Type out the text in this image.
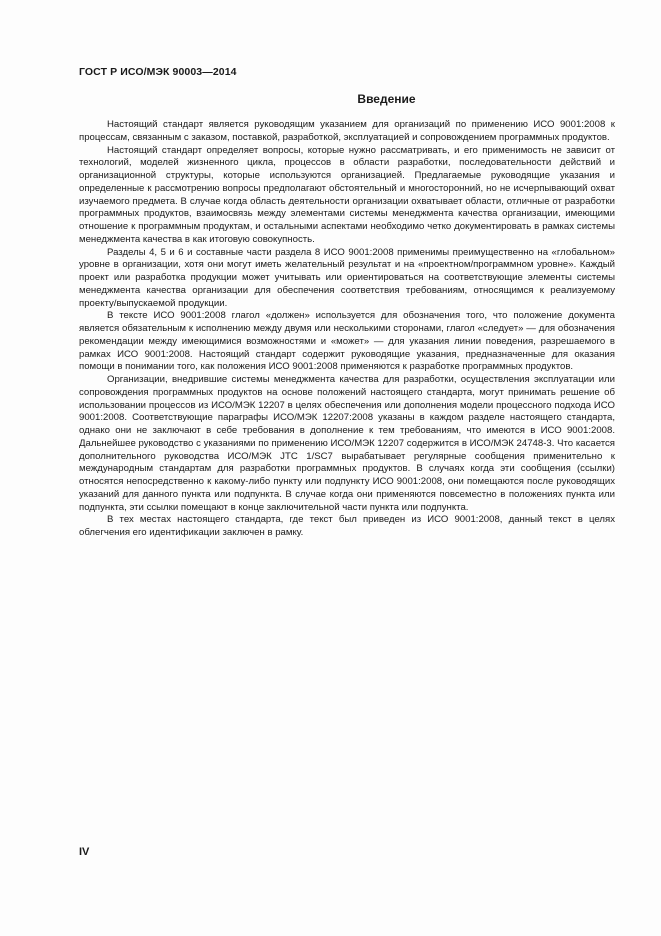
ГОСТ Р ИСО/МЭК 90003—2014
Введение

Настоящий стандарт является руководящим указанием для организаций по применению ИСО 9001:2008 к процессам, связанным с заказом, поставкой, разработкой, эксплуатацией и сопровождением программных продуктов.

Настоящий стандарт определяет вопросы, которые нужно рассматривать, и его применимость не зависит от технологий, моделей жизненного цикла, процессов в области разработки, последовательности действий и организационной структуры, которые используются организацией. Предлагаемые руководящие указания и определенные к рассмотрению вопросы предполагают обстоятельный и многосторонний, но не исчерпывающий охват изучаемого предмета. В случае когда область деятельности организации охватывает области, отличные от разработки программных продуктов, взаимосвязь между элементами системы менеджмента качества организации, имеющими отношение к программным продуктам, и остальными аспектами необходимо четко документировать в рамках системы менеджмента качества в как итоговую совокупность.

Разделы 4, 5 и 6 и составные части раздела 8 ИСО 9001:2008 применимы преимущественно на «глобальном» уровне в организации, хотя они могут иметь желательный результат и на «проектном/программном уровне». Каждый проект или разработка продукции может учитывать или ориентироваться на соответствующие элементы системы менеджмента качества организации для обеспечения соответствия требованиям, относящимся к реализуемому проекту/выпускаемой продукции.

В тексте ИСО 9001:2008 глагол «должен» используется для обозначения того, что положение документа является обязательным к исполнению между двумя или несколькими сторонами, глагол «следует» — для обозначения рекомендации между имеющимися возможностями и «может» — для указания линии поведения, разрешаемого в рамках ИСО 9001:2008. Настоящий стандарт содержит руководящие указания, предназначенные для оказания помощи в понимании того, как положения ИСО 9001:2008 применяются к разработке программных продуктов.

Организации, внедрившие системы менеджмента качества для разработки, осуществления эксплуатации или сопровождения программных продуктов на основе положений настоящего стандарта, могут принимать решение об использовании процессов из ИСО/МЭК 12207 в целях обеспечения или дополнения модели процессного подхода ИСО 9001:2008. Соответствующие параграфы ИСО/МЭК 12207:2008 указаны в каждом разделе настоящего стандарта, однако они не заключают в себе требования в дополнение к тем требованиям, что имеются в ИСО 9001:2008. Дальнейшее руководство с указаниями по применению ИСО/МЭК 12207 содержится в ИСО/МЭК 24748-3. Что касается дополнительного руководства ИСО/МЭК JTC 1/SC7 вырабатывает регулярные сообщения применительно к международным стандартам для разработки программных продуктов. В случаях когда эти сообщения (ссылки) относятся непосредственно к какому-либо пункту или подпункту ИСО 9001:2008, они помещаются после руководящих указаний для данного пункта или подпункта. В случае когда они применяются повсеместно в положениях пункта или подпункта, эти ссылки помещают в конце заключительной части пункта или подпункта.

В тех местах настоящего стандарта, где текст был приведен из ИСО 9001:2008, данный текст в целях облегчения его идентификации заключен в рамку.

IV
